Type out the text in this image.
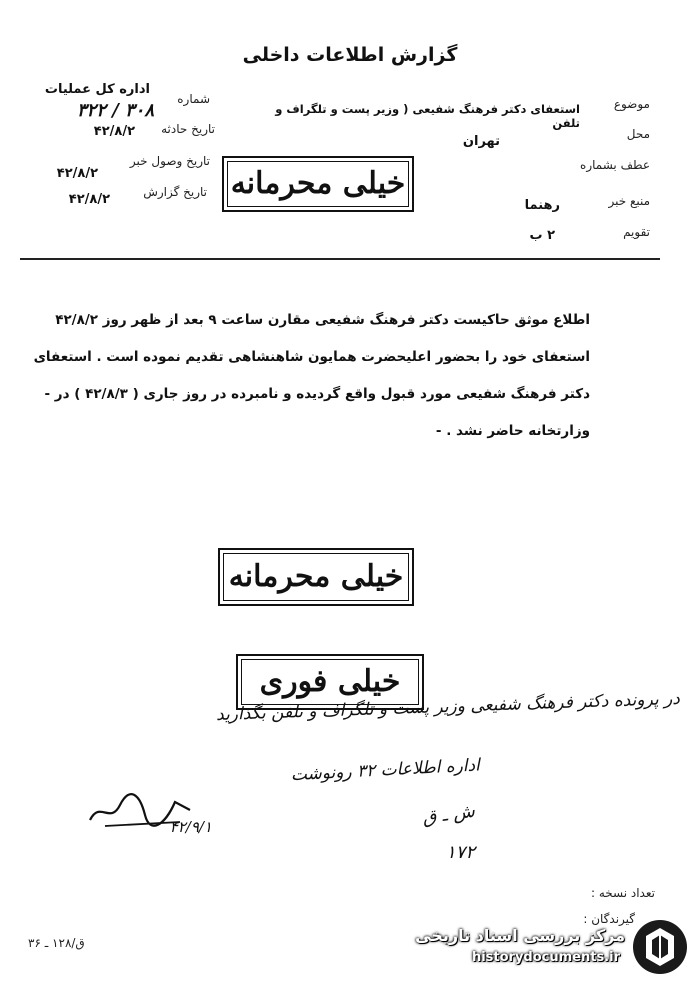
گزارش اطلاعات داخلی
شماره
اداره کل عملیات
۳۲۲ / ۳۰۸
تاریخ حادثه
۴۲/۸/۲
تاریخ وصول خبر
۴۲/۸/۲
تاریخ گزارش
۴۲/۸/۲
موضوع
استعفای دکتر فرهنگ شفیعی ( وزیر پست و تلگراف و تلفن
محل
تهران
عطف بشماره
منبع خبر
رهنما
تقویم
۲ ب
خیلی محرمانه
اطلاع موثق حاکیست دکتر فرهنگ شفیعی مقارن ساعت ۹ بعد از ظهر روز ۴۲/۸/۲
استعفای خود را بحضور اعلیحضرت همایون شاهنشاهی تقدیم نموده است . استعفای
دکتر فرهنگ شفیعی مورد قبول واقع گردیده و نامبرده در روز جاری ( ۴۲/۸/۳ ) در -
وزارتخانه حاضر نشد . -
خیلی محرمانه
خیلی فوری
در پرونده دکتر فرهنگ شفیعی وزیر پست و تلگراف و تلفن بگذارید
اداره اطلاعات ۳۲ رونوشت
ش ـ ق
۱۷۲
۴۲/۹/۱
تعداد نسخه :
گیرندگان :
ق/۱۲۸ ـ ۳۶	مرکز بررسی اسناد تاریخی
historydocuments.ir
